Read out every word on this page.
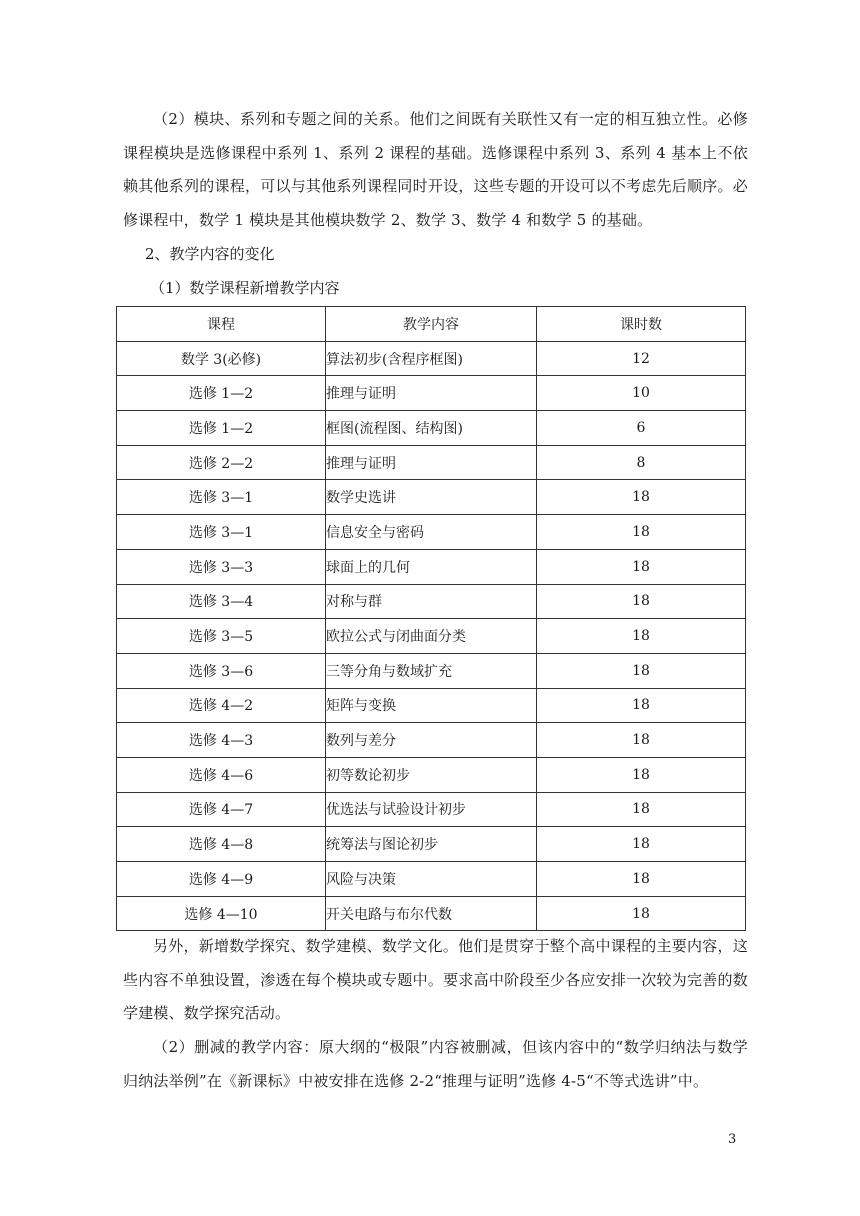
（2）模块、系列和专题之间的关系。他们之间既有关联性又有一定的相互独立性。必修课程模块是选修课程中系列 1、系列 2 课程的基础。选修课程中系列 3、系列 4 基本上不依赖其他系列的课程，可以与其他系列课程同时开设，这些专题的开设可以不考虑先后顺序。必修课程中，数学 1 模块是其他模块数学 2、数学 3、数学 4 和数学 5 的基础。

2、教学内容的变化

（1）数学课程新增教学内容

课程	教学内容	课时数
数学 3(必修)	算法初步(含程序框图)	12
选修 1—2	推理与证明	10
选修 1—2	框图(流程图、结构图)	6
选修 2—2	推理与证明	8
选修 3—1	数学史选讲	18
选修 3—1	信息安全与密码	18
选修 3—3	球面上的几何	18
选修 3—4	对称与群	18
选修 3—5	欧拉公式与闭曲面分类	18
选修 3—6	三等分角与数域扩充	18
选修 4—2	矩阵与变换	18
选修 4—3	数列与差分	18
选修 4—6	初等数论初步	18
选修 4—7	优选法与试验设计初步	18
选修 4—8	统筹法与图论初步	18
选修 4—9	风险与决策	18
选修 4—10	开关电路与布尔代数	18

另外，新增数学探究、数学建模、数学文化。他们是贯穿于整个高中课程的主要内容，这些内容不单独设置，渗透在每个模块或专题中。要求高中阶段至少各应安排一次较为完善的数学建模、数学探究活动。

（2）删减的教学内容：原大纲的“极限”内容被删减，但该内容中的“数学归纳法与数学归纳法举例”在《新课标》中被安排在选修 2-2“推理与证明”选修 4-5“不等式选讲”中。

3
